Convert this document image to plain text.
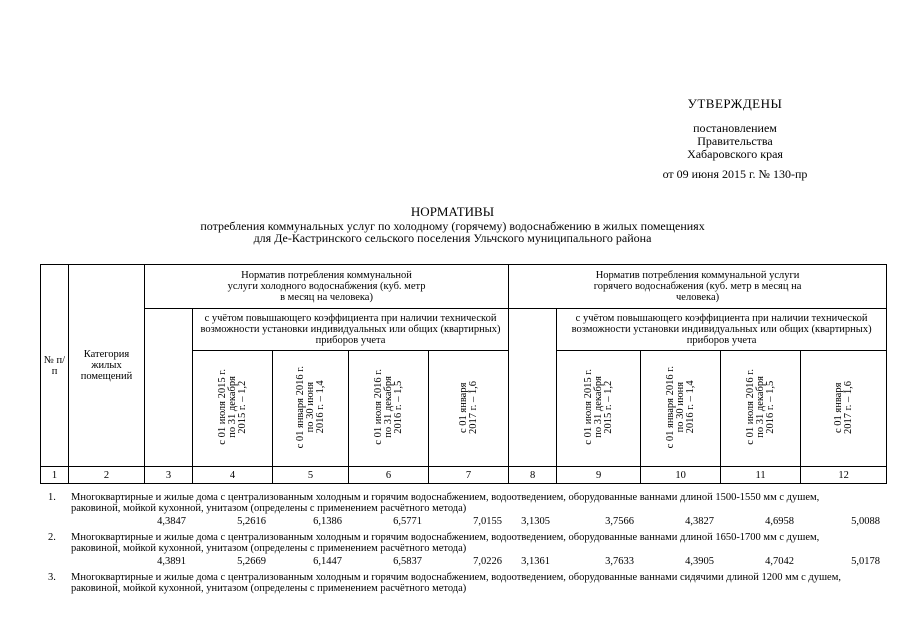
УТВЕРЖДЕНЫ
постановлением
Правительства
Хабаровского края
от 09 июня 2015 г. № 130-пр
НОРМАТИВЫ
потребления коммунальных услуг по холодному (горячему) водоснабжению в жилых помещениях
для Де-Кастринского сельского поселения Ульчского муниципального района
№ п/п	Категория жилых помещений	Норматив потребления коммунальной услуги холодного водоснабжения (куб. метр в месяц на человека)					Норматив потребления коммунальной услуги горячего водоснабжения (куб. метр в месяц на человека)				
			с учётом повышающего коэффициента при наличии технической возможности установки индивидуальных или общих (квартирных) приборов учета					с учётом повышающего коэффициента при наличии технической возможности установки индивидуальных или общих (квартирных) приборов учета			
			с 01 июля 2015 г.
по 31 декабря
2015 г. – 1,2	с 01 января 2016 г.
по 30 июня
2016 г. – 1,4	с 01 июля 2016 г.
по 31 декабря
2016 г. – 1,5	с 01 января
2017 г. – 1,6		с 01 июля 2015 г.
по 31 декабря
2015 г. – 1,2	с 01 января 2016 г.
по 30 июня
2016 г. – 1,4	с 01 июля 2016 г.
по 31 декабря
2016 г. – 1,5	с 01 января
2017 г. – 1,6
1	2	3	4	5	6	7	8	9	10	11	12
1. Многоквартирные и жилые дома с централизованным холодным и горячим водоснабжением, водоотведением, оборудованные ваннами длиной 1500-1550 мм с душем, раковиной, мойкой кухонной, унитазом (определены с применением расчётного метода)
4,3847	5,2616	6,1386	6,5771	7,0155 3,1305	3,7566	4,3827	4,6958	5,0088
2. Многоквартирные и жилые дома с централизованным холодным и горячим водоснабжением, водоотведением, оборудованные ваннами длиной 1650-1700 мм с душем, раковиной, мойкой кухонной, унитазом (определены с применением расчётного метода)
4,3891	5,2669	6,1447	6,5837	7,0226 3,1361	3,7633	4,3905	4,7042	5,0178
3. Многоквартирные и жилые дома с централизованным холодным и горячим водоснабжением, водоотведением, оборудованные ваннами сидячими длиной 1200 мм с душем, раковиной, мойкой кухонной, унитазом (определены с применением расчётного метода)
